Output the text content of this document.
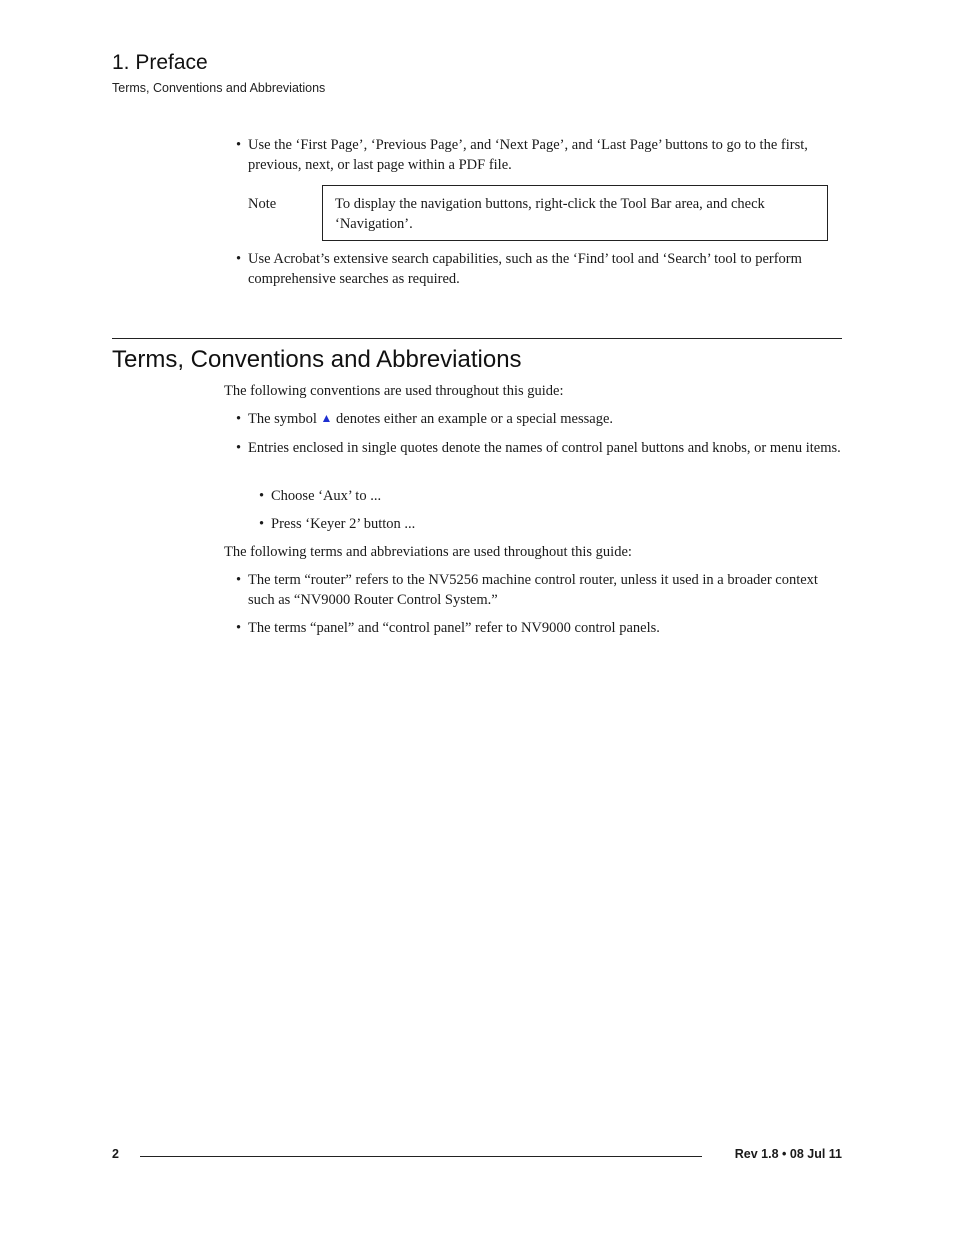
1. Preface
Terms, Conventions and Abbreviations
• Use the ‘First Page’, ‘Previous Page’, and ‘Next Page’, and ‘Last Page’ buttons to go to the first, previous, next, or last page within a PDF file.
Note	To display the navigation buttons, right-click the Tool Bar area, and check ‘Navigation’.
• Use Acrobat’s extensive search capabilities, such as the ‘Find’ tool and ‘Search’ tool to perform comprehensive searches as required.
Terms, Conventions and Abbreviations
The following conventions are used throughout this guide:
• The symbol ▲ denotes either an example or a special message.
• Entries enclosed in single quotes denote the names of control panel buttons and knobs, or menu items.
• Choose ‘Aux’ to ...
• Press ‘Keyer 2’ button ...
The following terms and abbreviations are used throughout this guide:
• The term “router” refers to the NV5256 machine control router, unless it used in a broader context such as “NV9000 Router Control System.”
• The terms “panel” and “control panel” refer to NV9000 control panels.
2	Rev 1.8 • 08 Jul 11
